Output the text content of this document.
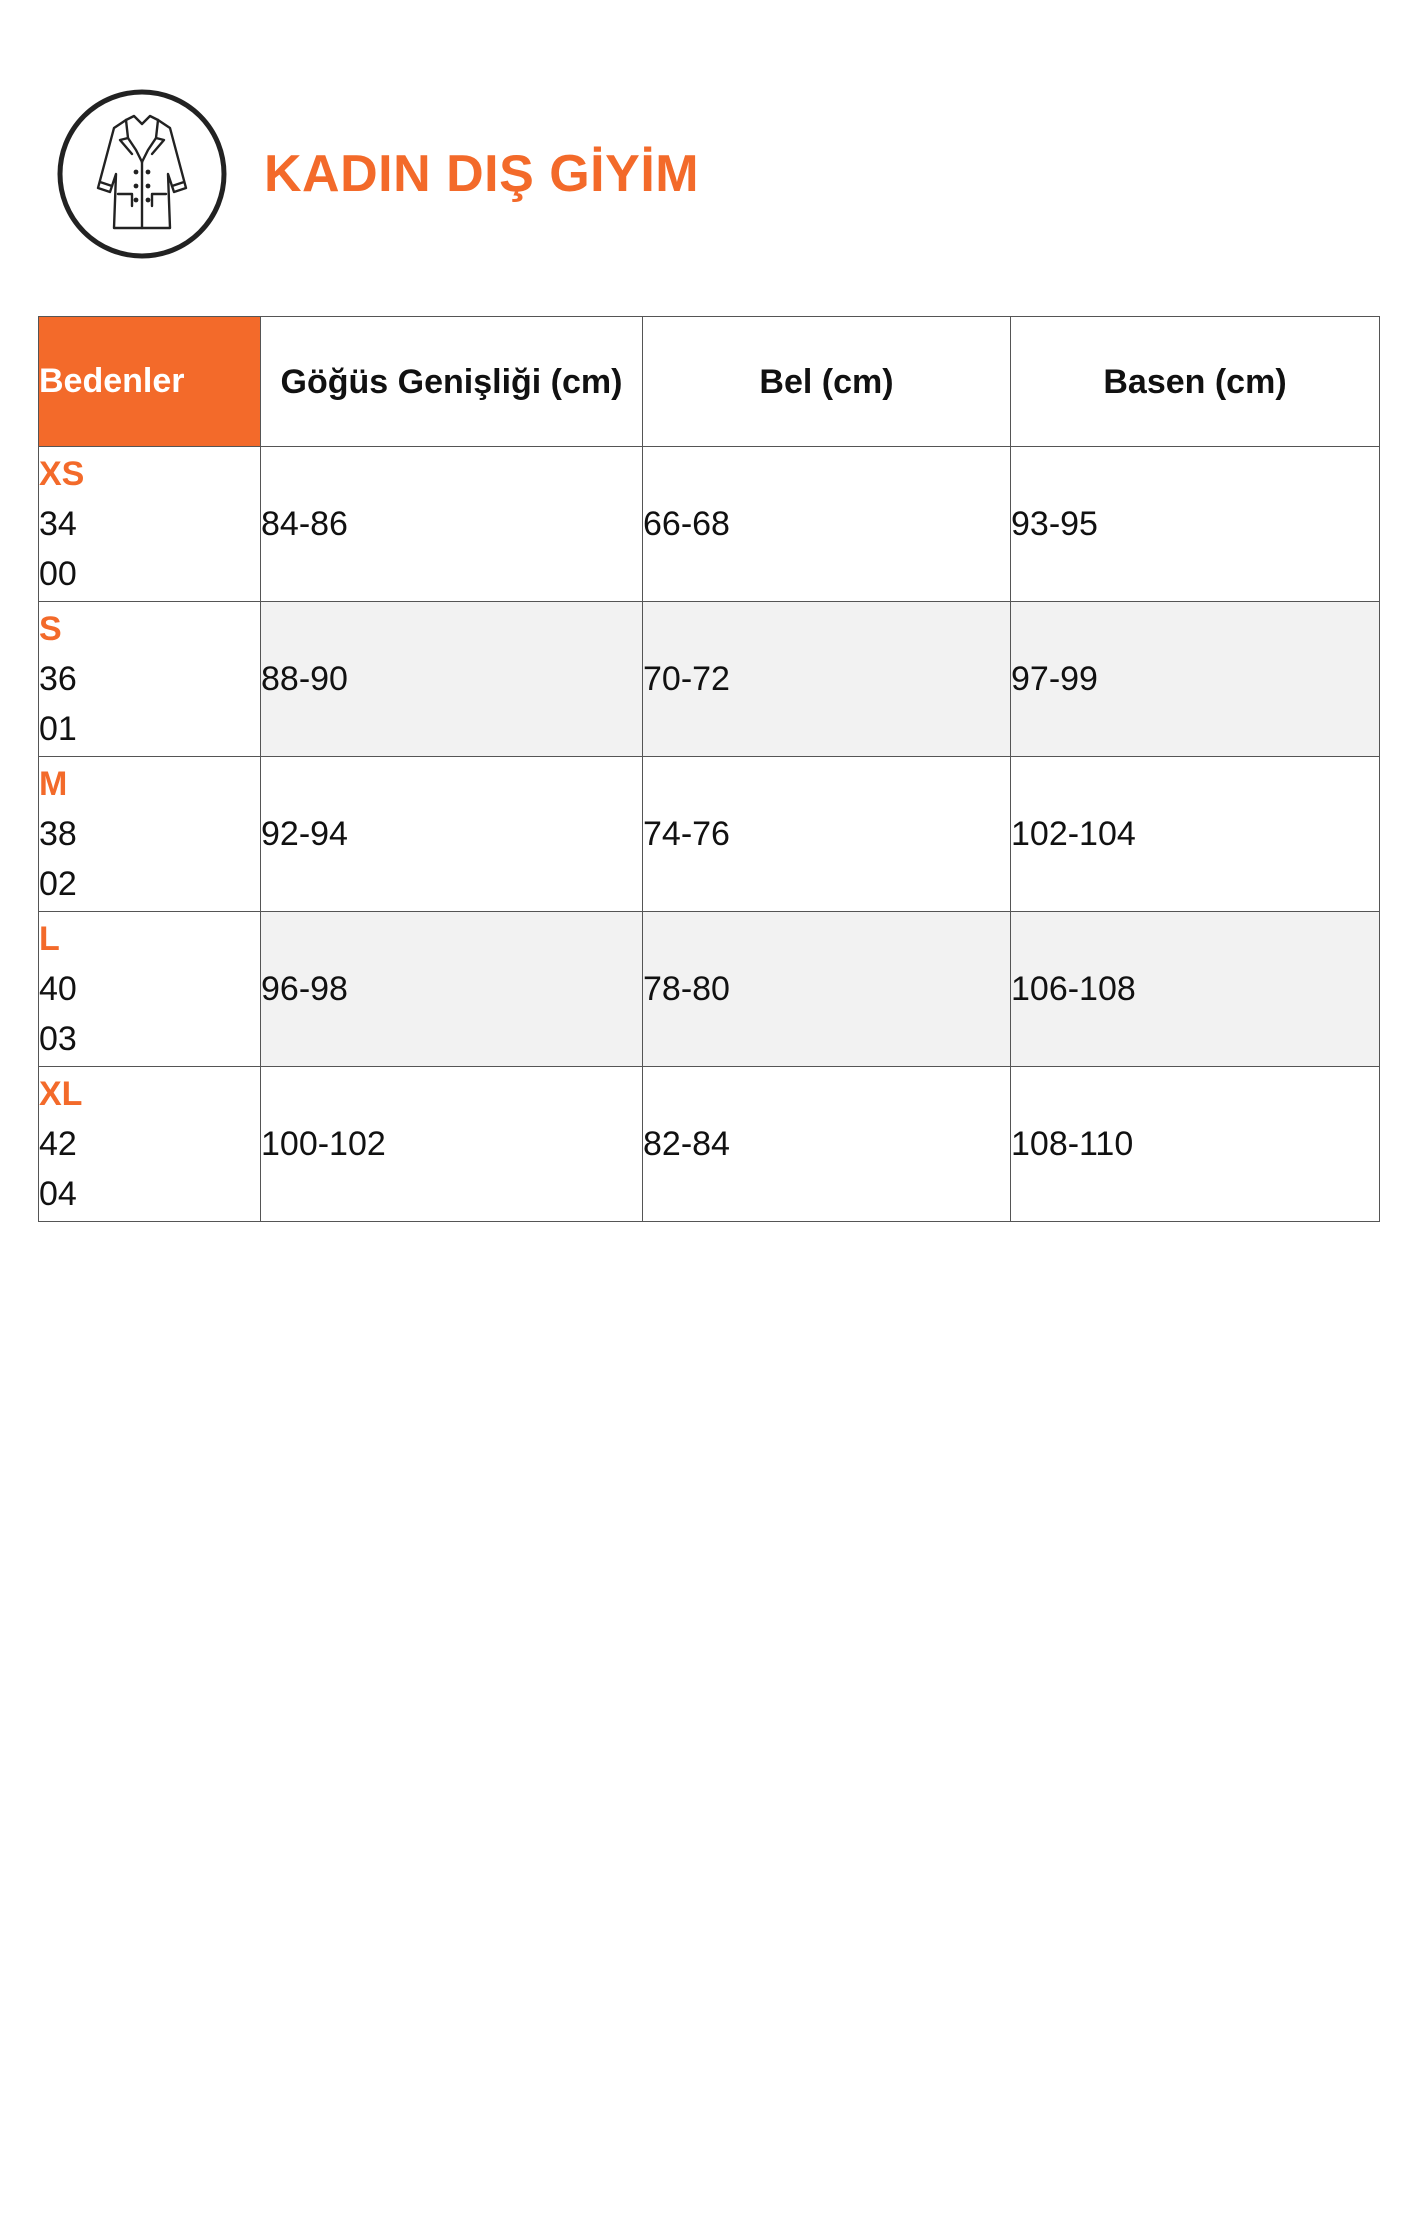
KADIN DIŞ GİYİM
Bedenler	Göğüs Genişliği (cm)	Bel (cm)	Basen (cm)

XS
34
00	84-86	66-68	93-95

S
36
01	88-90	70-72	97-99

M
38
02	92-94	74-76	102-104

L
40
03	96-98	78-80	106-108

XL
42
04	100-102	82-84	108-110
